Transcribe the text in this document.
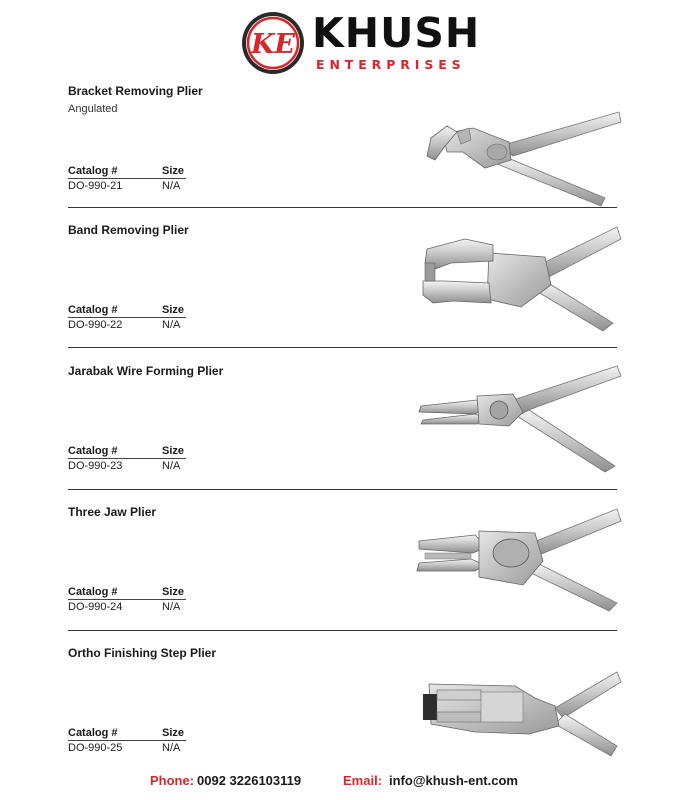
KE KHUSH
ENTERPRISES
Bracket Removing Plier
Angulated
Catalog #	Size
DO-990-21	N/A
Band Removing Plier
Catalog #	Size
DO-990-22	N/A
Jarabak Wire Forming Plier
Catalog #	Size
DO-990-23	N/A
Three Jaw Plier
Catalog #	Size
DO-990-24	N/A
Ortho Finishing Step Plier
Catalog #	Size
DO-990-25	N/A
Phone: 0092 3226103119	Email: info@khush-ent.com
